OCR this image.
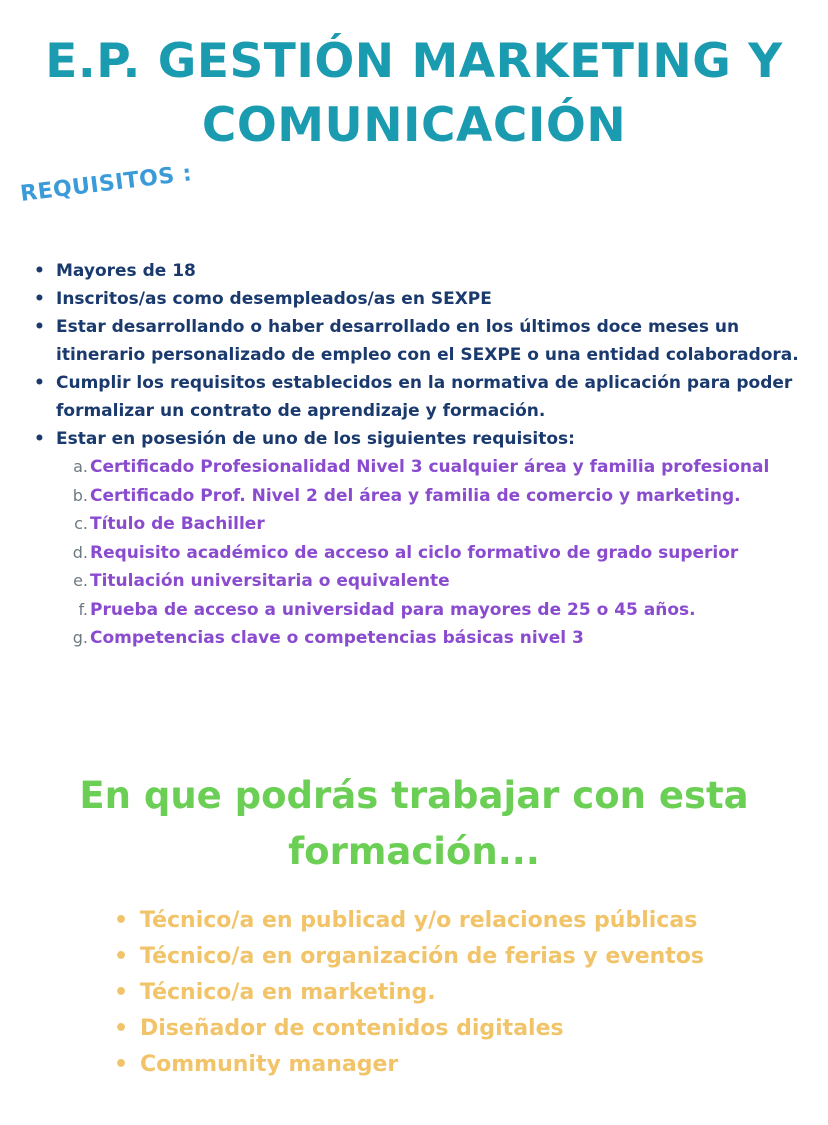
E.P. GESTIÓN MARKETING Y
COMUNICACIÓN
REQUISITOS :
• Mayores de 18
• Inscritos/as como desempleados/as en SEXPE
• Estar desarrollando o haber desarrollado en los últimos doce meses un itinerario personalizado de empleo con el SEXPE o una entidad colaboradora.
• Cumplir los requisitos establecidos en la normativa de aplicación para poder formalizar un contrato de aprendizaje y formación.
• Estar en posesión de uno de los siguientes requisitos:
a. Certificado Profesionalidad Nivel 3 cualquier área y familia profesional
b. Certificado Prof. Nivel 2 del área y familia de comercio y marketing.
c. Título de Bachiller
d. Requisito académico de acceso al ciclo formativo de grado superior
e. Titulación universitaria o equivalente
f. Prueba de acceso a universidad para mayores de 25 o 45 años.
g. Competencias clave o competencias básicas nivel 3
En que podrás trabajar con esta
formación...
• Técnico/a en publicad y/o relaciones públicas
• Técnico/a en organización de ferias y eventos
• Técnico/a en marketing.
• Diseñador de contenidos digitales
• Community manager
